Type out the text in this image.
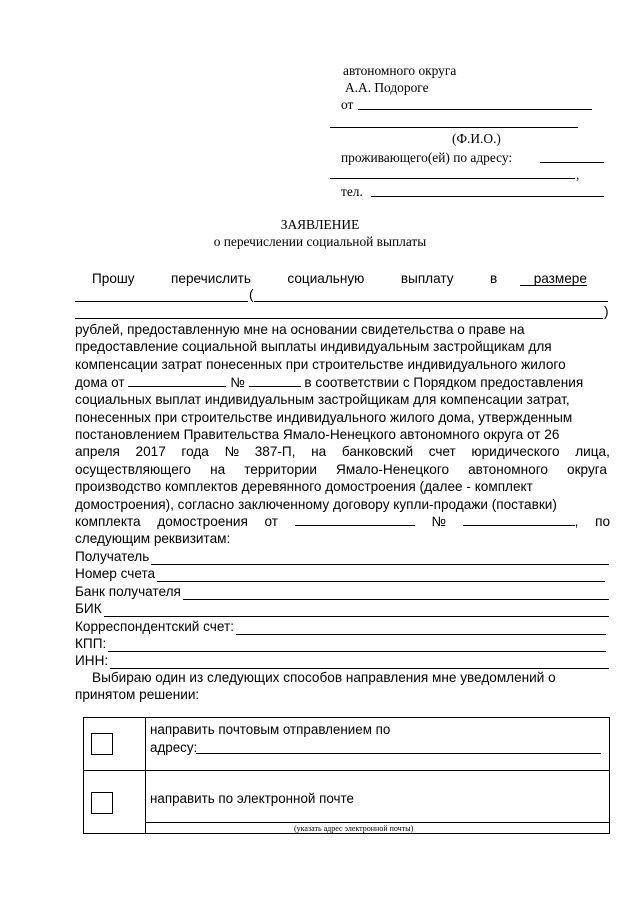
автономного округа
А.А. Подороге
от
(Ф.И.О.)
проживающего(ей) по адресу:
,
тел.
ЗАЯВЛЕНИЕ
о перечислении социальной выплаты
Прошу	перечислить	социальную	выплату	в	размере
(
)
рублей, предоставленную мне на основании свидетельства о праве на
предоставление социальной выплаты индивидуальным застройщикам для
компенсации затрат понесенных при строительстве индивидуального жилого
дома от	№	в соответствии с Порядком предоставления
социальных выплат индивидуальным застройщикам для компенсации затрат,
понесенных при строительстве индивидуального жилого дома, утвержденным
постановлением Правительства Ямало-Ненецкого автономного округа от 26
апреля 2017 года № 387-П, на банковский счет юридического лица,
осуществляющего на территории Ямало-Ненецкого автономного округа
производство комплектов деревянного домостроения (далее - комплект
домостроения), согласно заключенному договору купли-продажи (поставки)
комплекта домостроения от	№	, по
следующим реквизитам:
Получатель
Номер счета
Банк получателя
БИК
Корреспондентский счет:
КПП:
ИНН:
Выбираю один из следующих способов направления мне уведомлений о
принятом решении:
направить почтовым отправлением по
адресу:
направить по электронной почте
(указать адрес электронной почты)
